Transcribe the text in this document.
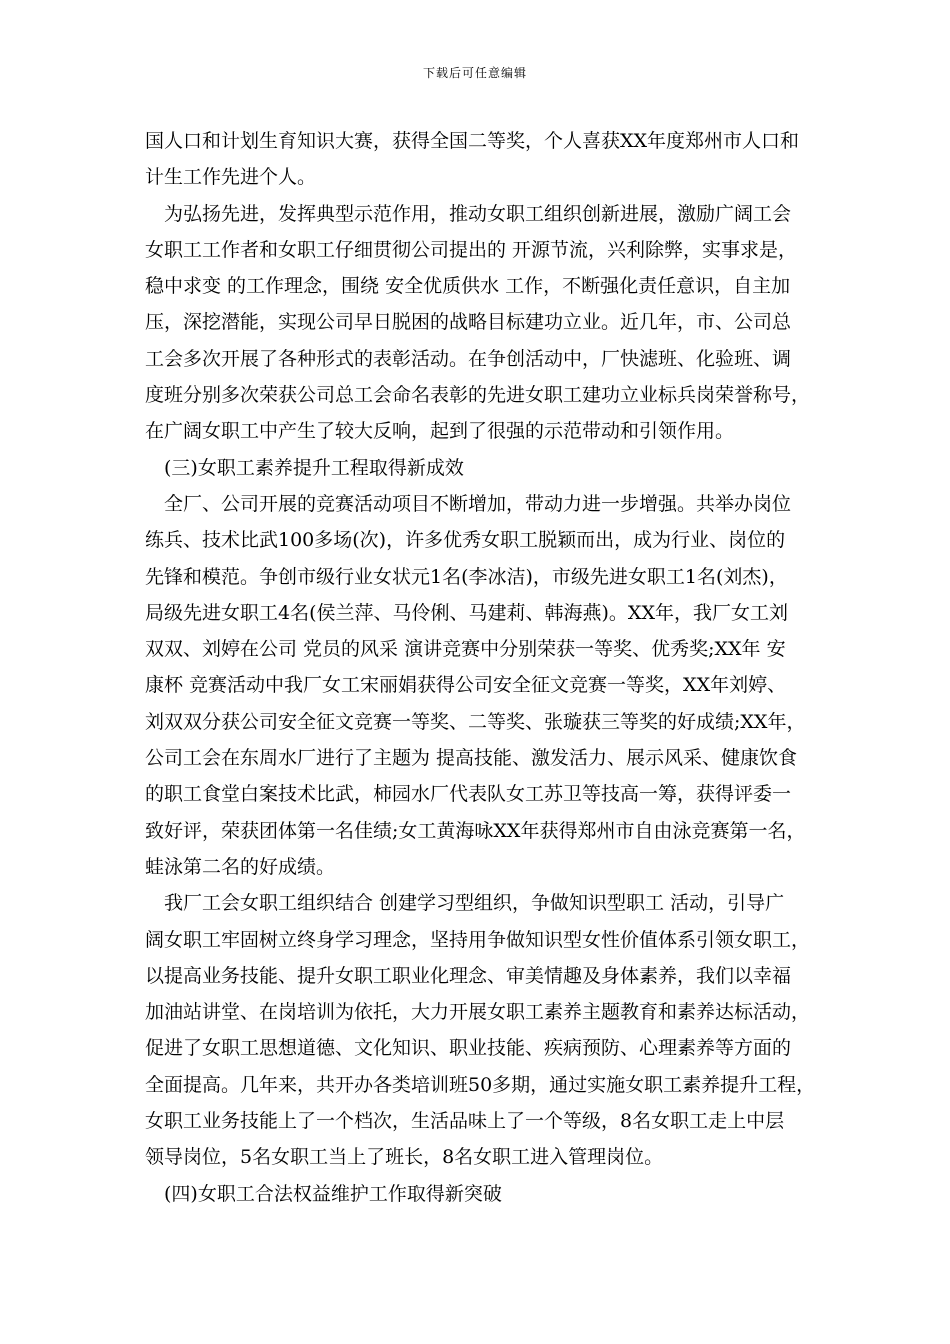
下载后可任意编辑
国人口和计划生育知识大赛，获得全国二等奖，个人喜获XX年度郑州市人口和
计生工作先进个人。
　为弘扬先进，发挥典型示范作用，推动女职工组织创新进展，激励广阔工会
女职工工作者和女职工仔细贯彻公司提出的 开源节流，兴利除弊，实事求是，
稳中求变 的工作理念，围绕 安全优质供水 工作，不断强化责任意识，自主加
压，深挖潜能，实现公司早日脱困的战略目标建功立业。近几年，市、公司总
工会多次开展了各种形式的表彰活动。在争创活动中，厂快滤班、化验班、调
度班分别多次荣获公司总工会命名表彰的先进女职工建功立业标兵岗荣誉称号，
在广阔女职工中产生了较大反响，起到了很强的示范带动和引领作用。
　(三)女职工素养提升工程取得新成效
　全厂、公司开展的竞赛活动项目不断增加，带动力进一步增强。共举办岗位
练兵、技术比武100多场(次)，许多优秀女职工脱颖而出，成为行业、岗位的
先锋和模范。争创市级行业女状元1名(李冰洁)，市级先进女职工1名(刘杰)，
局级先进女职工4名(侯兰萍、马伶俐、马建莉、韩海燕)。XX年，我厂女工刘
双双、刘婷在公司 党员的风采 演讲竞赛中分别荣获一等奖、优秀奖;XX年 安
康杯 竞赛活动中我厂女工宋丽娟获得公司安全征文竞赛一等奖，XX年刘婷、
刘双双分获公司安全征文竞赛一等奖、二等奖、张璇获三等奖的好成绩;XX年，
公司工会在东周水厂进行了主题为 提高技能、激发活力、展示风采、健康饮食
的职工食堂白案技术比武，柿园水厂代表队女工苏卫等技高一筹，获得评委一
致好评，荣获团体第一名佳绩;女工黄海咏XX年获得郑州市自由泳竞赛第一名，
蛙泳第二名的好成绩。
　我厂工会女职工组织结合 创建学习型组织，争做知识型职工 活动，引导广
阔女职工牢固树立终身学习理念，坚持用争做知识型女性价值体系引领女职工，
以提高业务技能、提升女职工职业化理念、审美情趣及身体素养，我们以幸福
加油站讲堂、在岗培训为依托，大力开展女职工素养主题教育和素养达标活动，
促进了女职工思想道德、文化知识、职业技能、疾病预防、心理素养等方面的
全面提高。几年来，共开办各类培训班50多期，通过实施女职工素养提升工程，
女职工业务技能上了一个档次，生活品味上了一个等级，8名女职工走上中层
领导岗位，5名女职工当上了班长，8名女职工进入管理岗位。
　(四)女职工合法权益维护工作取得新突破
